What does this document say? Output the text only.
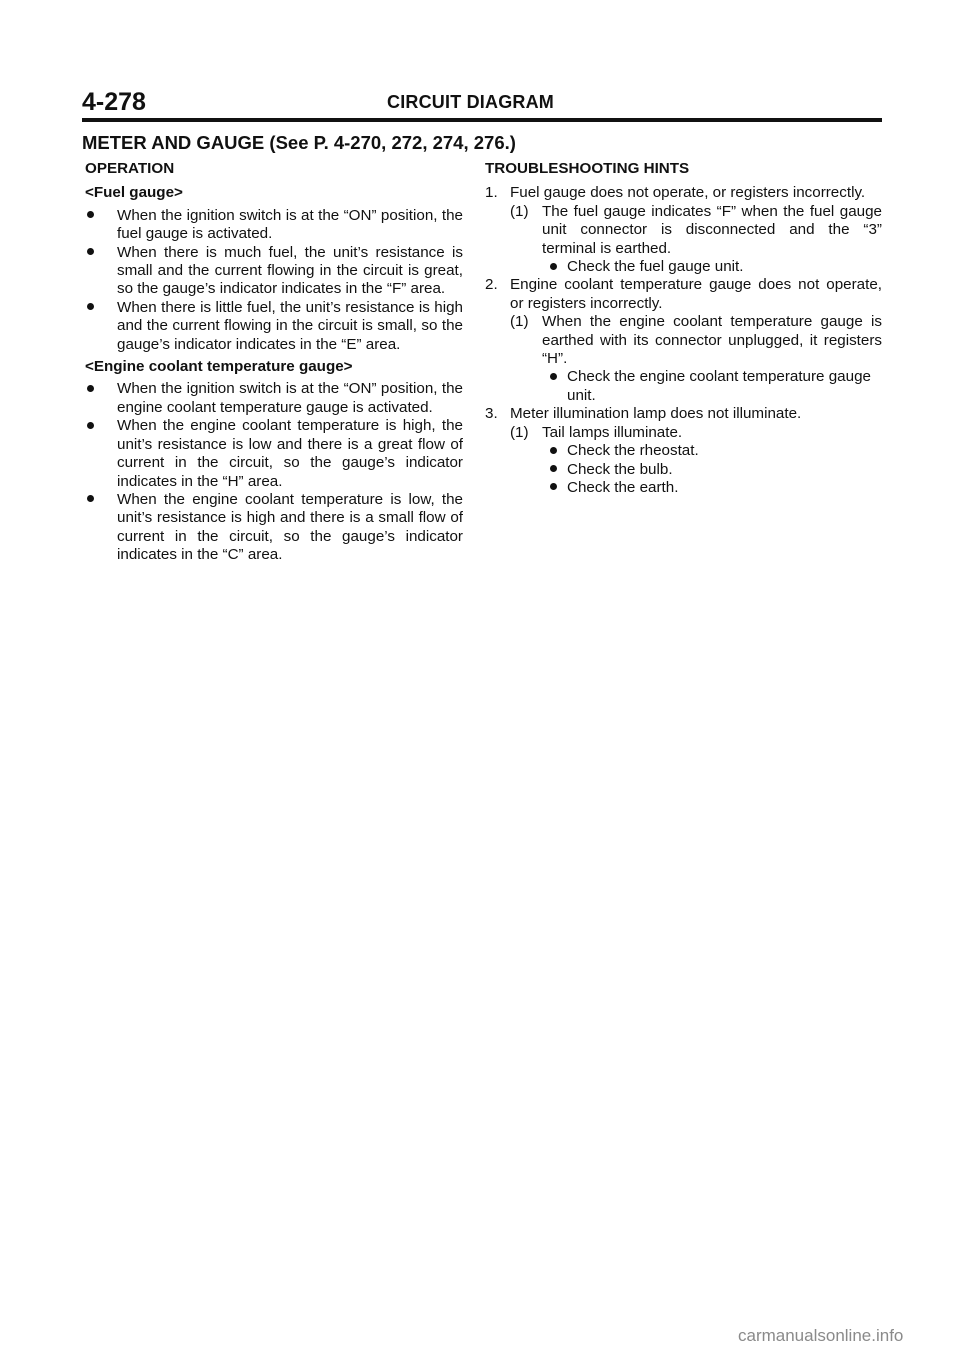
4-278	CIRCUIT DIAGRAM
METER AND GAUGE (See P. 4-270, 272, 274, 276.)
OPERATION
<Fuel gauge>
When the ignition switch is at the “ON” position, the fuel gauge is activated.
When there is much fuel, the unit’s resistance is small and the current flowing in the circuit is great, so the gauge’s indicator indicates in the “F” area.
When there is little fuel, the unit’s resistance is high and the current flowing in the circuit is small, so the gauge’s indicator indicates in the “E” area.
<Engine coolant temperature gauge>
When the ignition switch is at the “ON” position, the engine coolant temperature gauge is activated.
When the engine coolant temperature is high, the unit’s resistance is low and there is a great flow of current in the circuit, so the gauge’s indicator indicates in the “H” area.
When the engine coolant temperature is low, the unit’s resistance is high and there is a small flow of current in the circuit, so the gauge’s indicator indicates in the “C” area.
TROUBLESHOOTING HINTS
1. Fuel gauge does not operate, or registers incorrectly.
(1) The fuel gauge indicates “F” when the fuel gauge unit connector is disconnected and the “3” terminal is earthed.
Check the fuel gauge unit.
2. Engine coolant temperature gauge does not operate, or registers incorrectly.
(1) When the engine coolant temperature gauge is earthed with its connector unplugged, it registers “H”.
Check the engine coolant temperature gauge unit.
3. Meter illumination lamp does not illuminate.
(1) Tail lamps illuminate.
Check the rheostat.
Check the bulb.
Check the earth.
carmanualsonline.info
